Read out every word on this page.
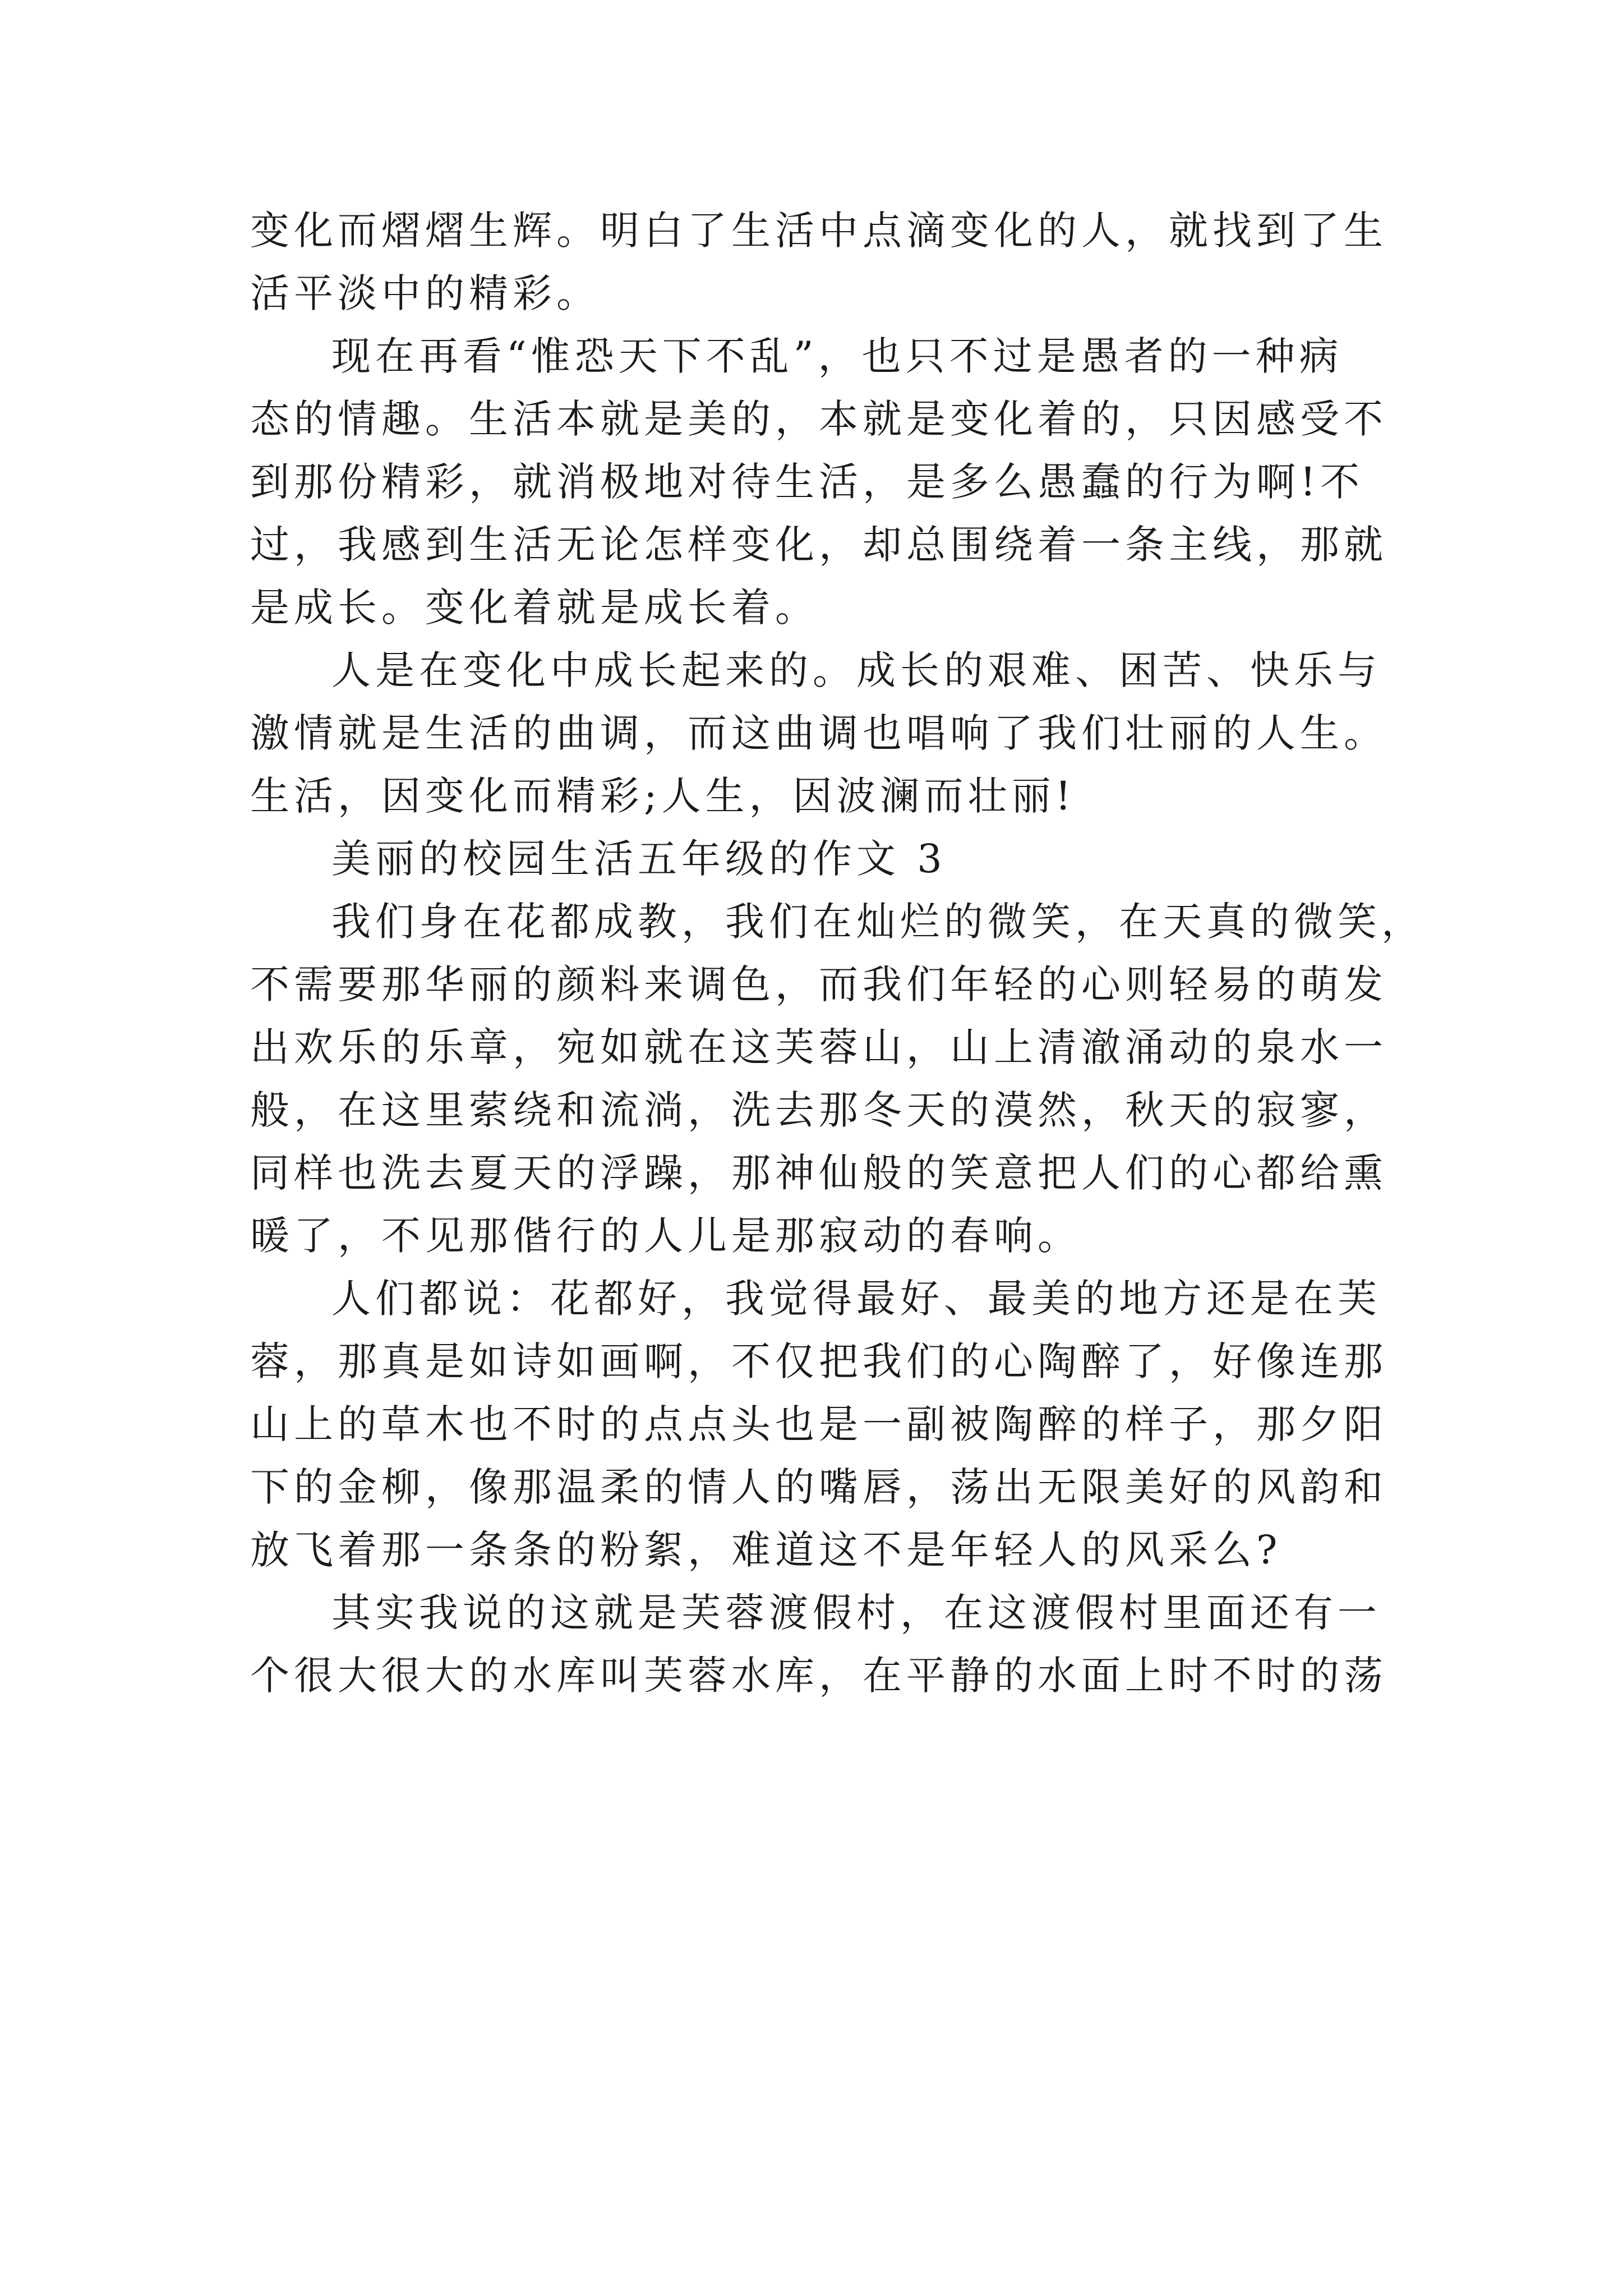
变化而熠熠生辉。明白了生活中点滴变化的人，就找到了生
活平淡中的精彩。
现在再看“惟恐天下不乱”，也只不过是愚者的一种病
态的情趣。生活本就是美的，本就是变化着的，只因感受不
到那份精彩，就消极地对待生活，是多么愚蠢的行为啊!不
过，我感到生活无论怎样变化，却总围绕着一条主线，那就
是成长。变化着就是成长着。
人是在变化中成长起来的。成长的艰难、困苦、快乐与
激情就是生活的曲调，而这曲调也唱响了我们壮丽的人生。
生活，因变化而精彩;人生，因波澜而壮丽!
美丽的校园生活五年级的作文 3
我们身在花都成教，我们在灿烂的微笑，在天真的微笑，
不需要那华丽的颜料来调色，而我们年轻的心则轻易的萌发
出欢乐的乐章，宛如就在这芙蓉山，山上清澈涌动的泉水一
般，在这里萦绕和流淌，洗去那冬天的漠然，秋天的寂寥，
同样也洗去夏天的浮躁，那神仙般的笑意把人们的心都给熏
暖了，不见那偕行的人儿是那寂动的春响。
人们都说：花都好，我觉得最好、最美的地方还是在芙
蓉，那真是如诗如画啊，不仅把我们的心陶醉了，好像连那
山上的草木也不时的点点头也是一副被陶醉的样子，那夕阳
下的金柳，像那温柔的情人的嘴唇，荡出无限美好的风韵和
放飞着那一条条的粉絮，难道这不是年轻人的风采么?
其实我说的这就是芙蓉渡假村，在这渡假村里面还有一
个很大很大的水库叫芙蓉水库，在平静的水面上时不时的荡
